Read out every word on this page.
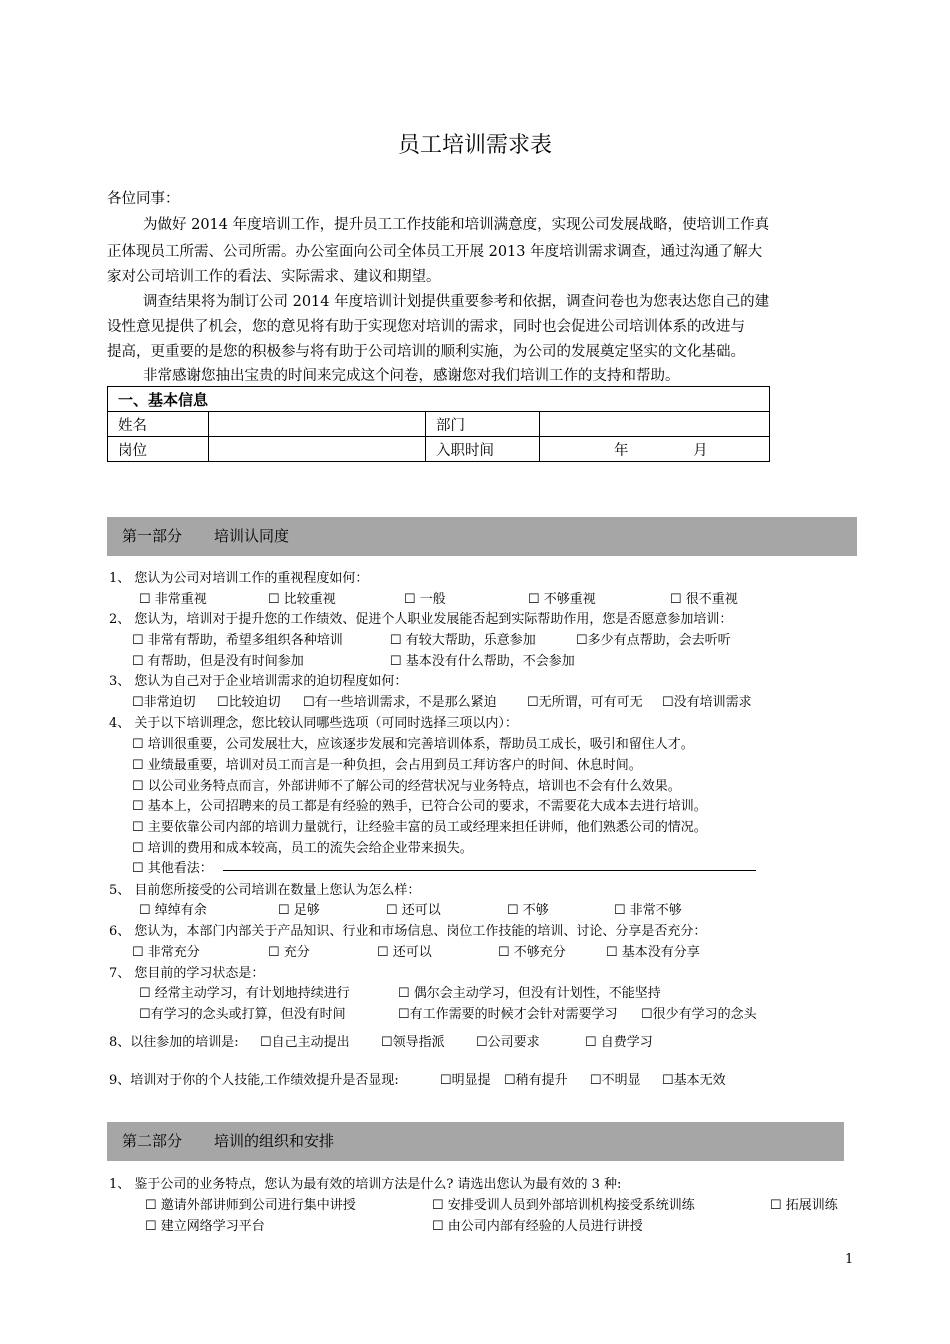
员工培训需求表
各位同事：
为做好 2014 年度培训工作，提升员工工作技能和培训满意度，实现公司发展战略，使培训工作真
正体现员工所需、公司所需。办公室面向公司全体员工开展 2013 年度培训需求调查，通过沟通了解大
家对公司培训工作的看法、实际需求、建议和期望。
调查结果将为制订公司 2014 年度培训计划提供重要参考和依据，调查问卷也为您表达您自己的建
设性意见提供了机会，您的意见将有助于实现您对培训的需求，同时也会促进公司培训体系的改进与
提高，更重要的是您的积极参与将有助于公司培训的顺利实施，为公司的发展奠定坚实的文化基础。
非常感谢您抽出宝贵的时间来完成这个问卷，感谢您对我们培训工作的支持和帮助。
一、基本信息			
姓名		部门	
岗位		入职时间	年 月
第一部分 培训认同度
1、 您认为公司对培训工作的重视程度如何：
☐ 非常重视	☐ 比较重视	☐ 一般	☐ 不够重视	☐ 很不重视
2、 您认为，培训对于提升您的工作绩效、促进个人职业发展能否起到实际帮助作用，您是否愿意参加培训：
☐ 非常有帮助，希望多组织各种培训	☐ 有较大帮助，乐意参加	☐多少有点帮助，会去听听
☐ 有帮助，但是没有时间参加	☐ 基本没有什么帮助，不会参加
3、 您认为自己对于企业培训需求的迫切程度如何：
☐非常迫切 ☐比较迫切 ☐有一些培训需求，不是那么紧迫 ☐无所谓，可有可无 ☐没有培训需求
4、 关于以下培训理念，您比较认同哪些选项（可同时选择三项以内）：
☐ 培训很重要，公司发展壮大，应该逐步发展和完善培训体系，帮助员工成长，吸引和留住人才。
☐ 业绩最重要，培训对员工而言是一种负担，会占用到员工拜访客户的时间、休息时间。
☐ 以公司业务特点而言，外部讲师不了解公司的经营状况与业务特点，培训也不会有什么效果。
☐ 基本上，公司招聘来的员工都是有经验的熟手，已符合公司的要求，不需要花大成本去进行培训。
☐ 主要依靠公司内部的培训力量就行，让经验丰富的员工或经理来担任讲师，他们熟悉公司的情况。
☐ 培训的费用和成本较高，员工的流失会给企业带来损失。
☐ 其他看法：
5、 目前您所接受的公司培训在数量上您认为怎么样：
☐ 绰绰有余	☐ 足够	☐ 还可以	☐ 不够	☐ 非常不够
6、 您认为，本部门内部关于产品知识、行业和市场信息、岗位工作技能的培训、讨论、分享是否充分：
☐ 非常充分	☐ 充分	☐ 还可以	☐ 不够充分	☐ 基本没有分享
7、 您目前的学习状态是：
☐ 经常主动学习，有计划地持续进行	☐ 偶尔会主动学习，但没有计划性，不能坚持
☐有学习的念头或打算，但没有时间	☐有工作需要的时候才会针对需要学习 ☐很少有学习的念头
8、以往参加的培训是: ☐自己主动提出 ☐领导指派 ☐公司要求	☐ 自费学习
9、培训对于你的个人技能,工作绩效提升是否显现:	☐明显提 ☐稍有提升 ☐不明显 ☐基本无效
第二部分 培训的组织和安排
1、 鉴于公司的业务特点，您认为最有效的培训方法是什么? 请选出您认为最有效的 3 种:
☐ 邀请外部讲师到公司进行集中讲授	☐ 安排受训人员到外部培训机构接受系统训练	☐ 拓展训练
☐ 建立网络学习平台	☐ 由公司内部有经验的人员进行讲授
1
